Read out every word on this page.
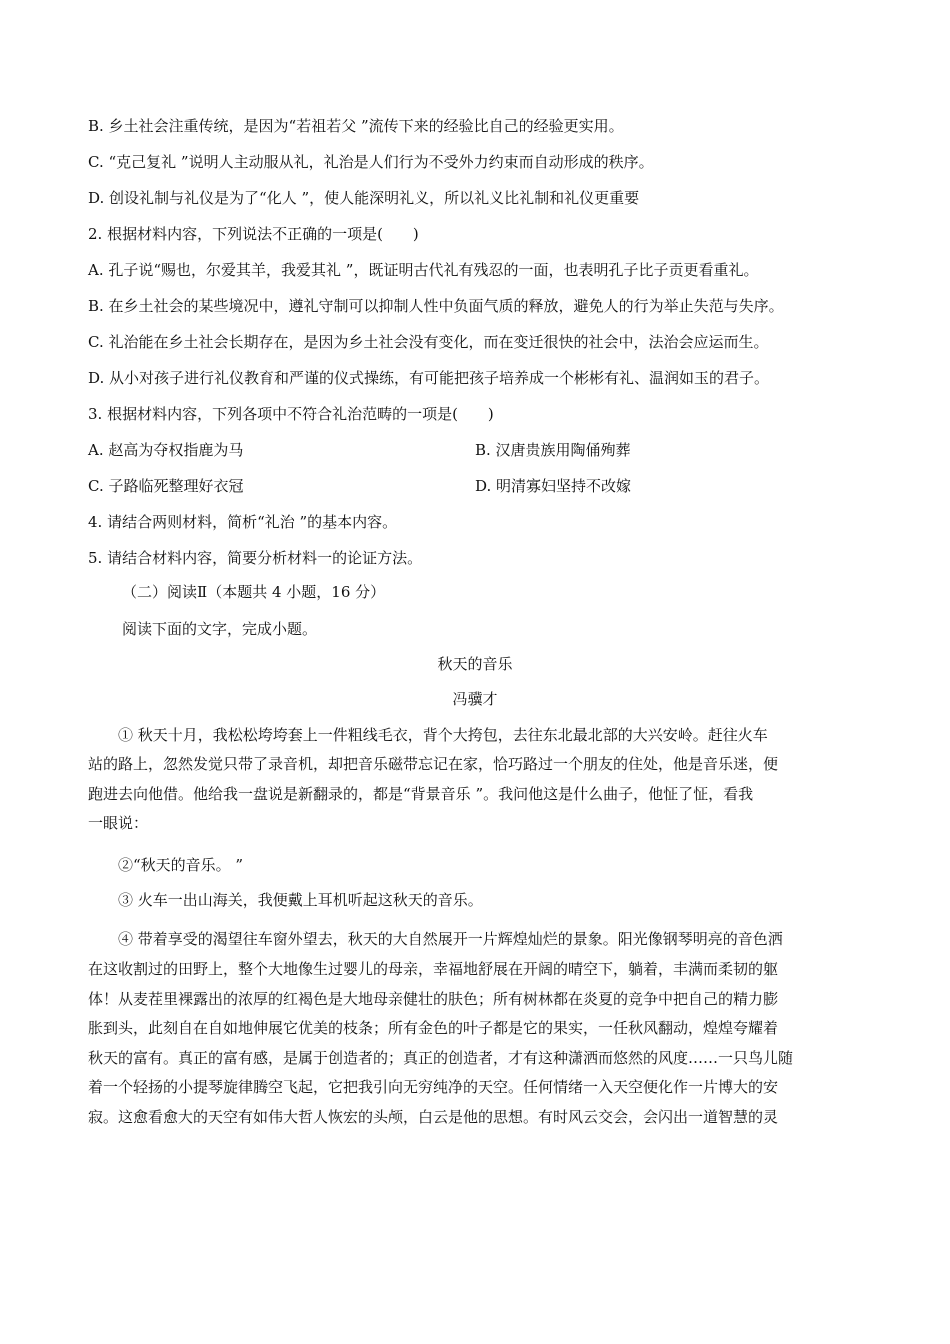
B. 乡土社会注重传统，是因为“若祖若父 ”流传下来的经验比自己的经验更实用。
C. “克己复礼 ”说明人主动服从礼，礼治是人们行为不受外力约束而自动形成的秩序。
D. 创设礼制与礼仪是为了“化人 ”，使人能深明礼义，所以礼义比礼制和礼仪更重要
2. 根据材料内容，下列说法不正确的一项是(　　)
A. 孔子说“赐也，尔爱其羊，我爱其礼 ”，既证明古代礼有残忍的一面，也表明孔子比子贡更看重礼。
B. 在乡土社会的某些境况中，遵礼守制可以抑制人性中负面气质的释放，避免人的行为举止失范与失序。
C. 礼治能在乡土社会长期存在，是因为乡土社会没有变化，而在变迁很快的社会中，法治会应运而生。
D. 从小对孩子进行礼仪教育和严谨的仪式操练，有可能把孩子培养成一个彬彬有礼、温润如玉的君子。
3. 根据材料内容，下列各项中不符合礼治范畴的一项是(　　)
A. 赵高为夺权指鹿为马	B. 汉唐贵族用陶俑殉葬
C. 子路临死整理好衣冠	D. 明清寡妇坚持不改嫁
4. 请结合两则材料，简析“礼治 ”的基本内容。
5. 请结合材料内容，简要分析材料一的论证方法。
（二）阅读Ⅱ（本题共 4 小题，16 分）
阅读下面的文字，完成小题。
秋天的音乐
冯骥才
① 秋天十月，我松松垮垮套上一件粗线毛衣，背个大挎包，去往东北最北部的大兴安岭。赶往火车
站的路上，忽然发觉只带了录音机，却把音乐磁带忘记在家，恰巧路过一个朋友的住处，他是音乐迷，便
跑进去向他借。他给我一盘说是新翻录的，都是“背景音乐 ”。我问他这是什么曲子，他怔了怔，看我
一眼说：
②“秋天的音乐。 ”
③ 火车一出山海关，我便戴上耳机听起这秋天的音乐。
④ 带着享受的渴望往车窗外望去，秋天的大自然展开一片辉煌灿烂的景象。阳光像钢琴明亮的音色洒
在这收割过的田野上，整个大地像生过婴儿的母亲，幸福地舒展在开阔的晴空下，躺着，丰满而柔韧的躯
体！从麦茬里裸露出的浓厚的红褐色是大地母亲健壮的肤色；所有树林都在炎夏的竞争中把自己的精力膨
胀到头，此刻自在自如地伸展它优美的枝条；所有金色的叶子都是它的果实，一任秋风翻动，煌煌夸耀着
秋天的富有。真正的富有感，是属于创造者的；真正的创造者，才有这种潇洒而悠然的风度……一只鸟儿随
着一个轻扬的小提琴旋律腾空飞起，它把我引向无穷纯净的天空。任何情绪一入天空便化作一片博大的安
寂。这愈看愈大的天空有如伟大哲人恢宏的头颅，白云是他的思想。有时风云交会，会闪出一道智慧的灵
